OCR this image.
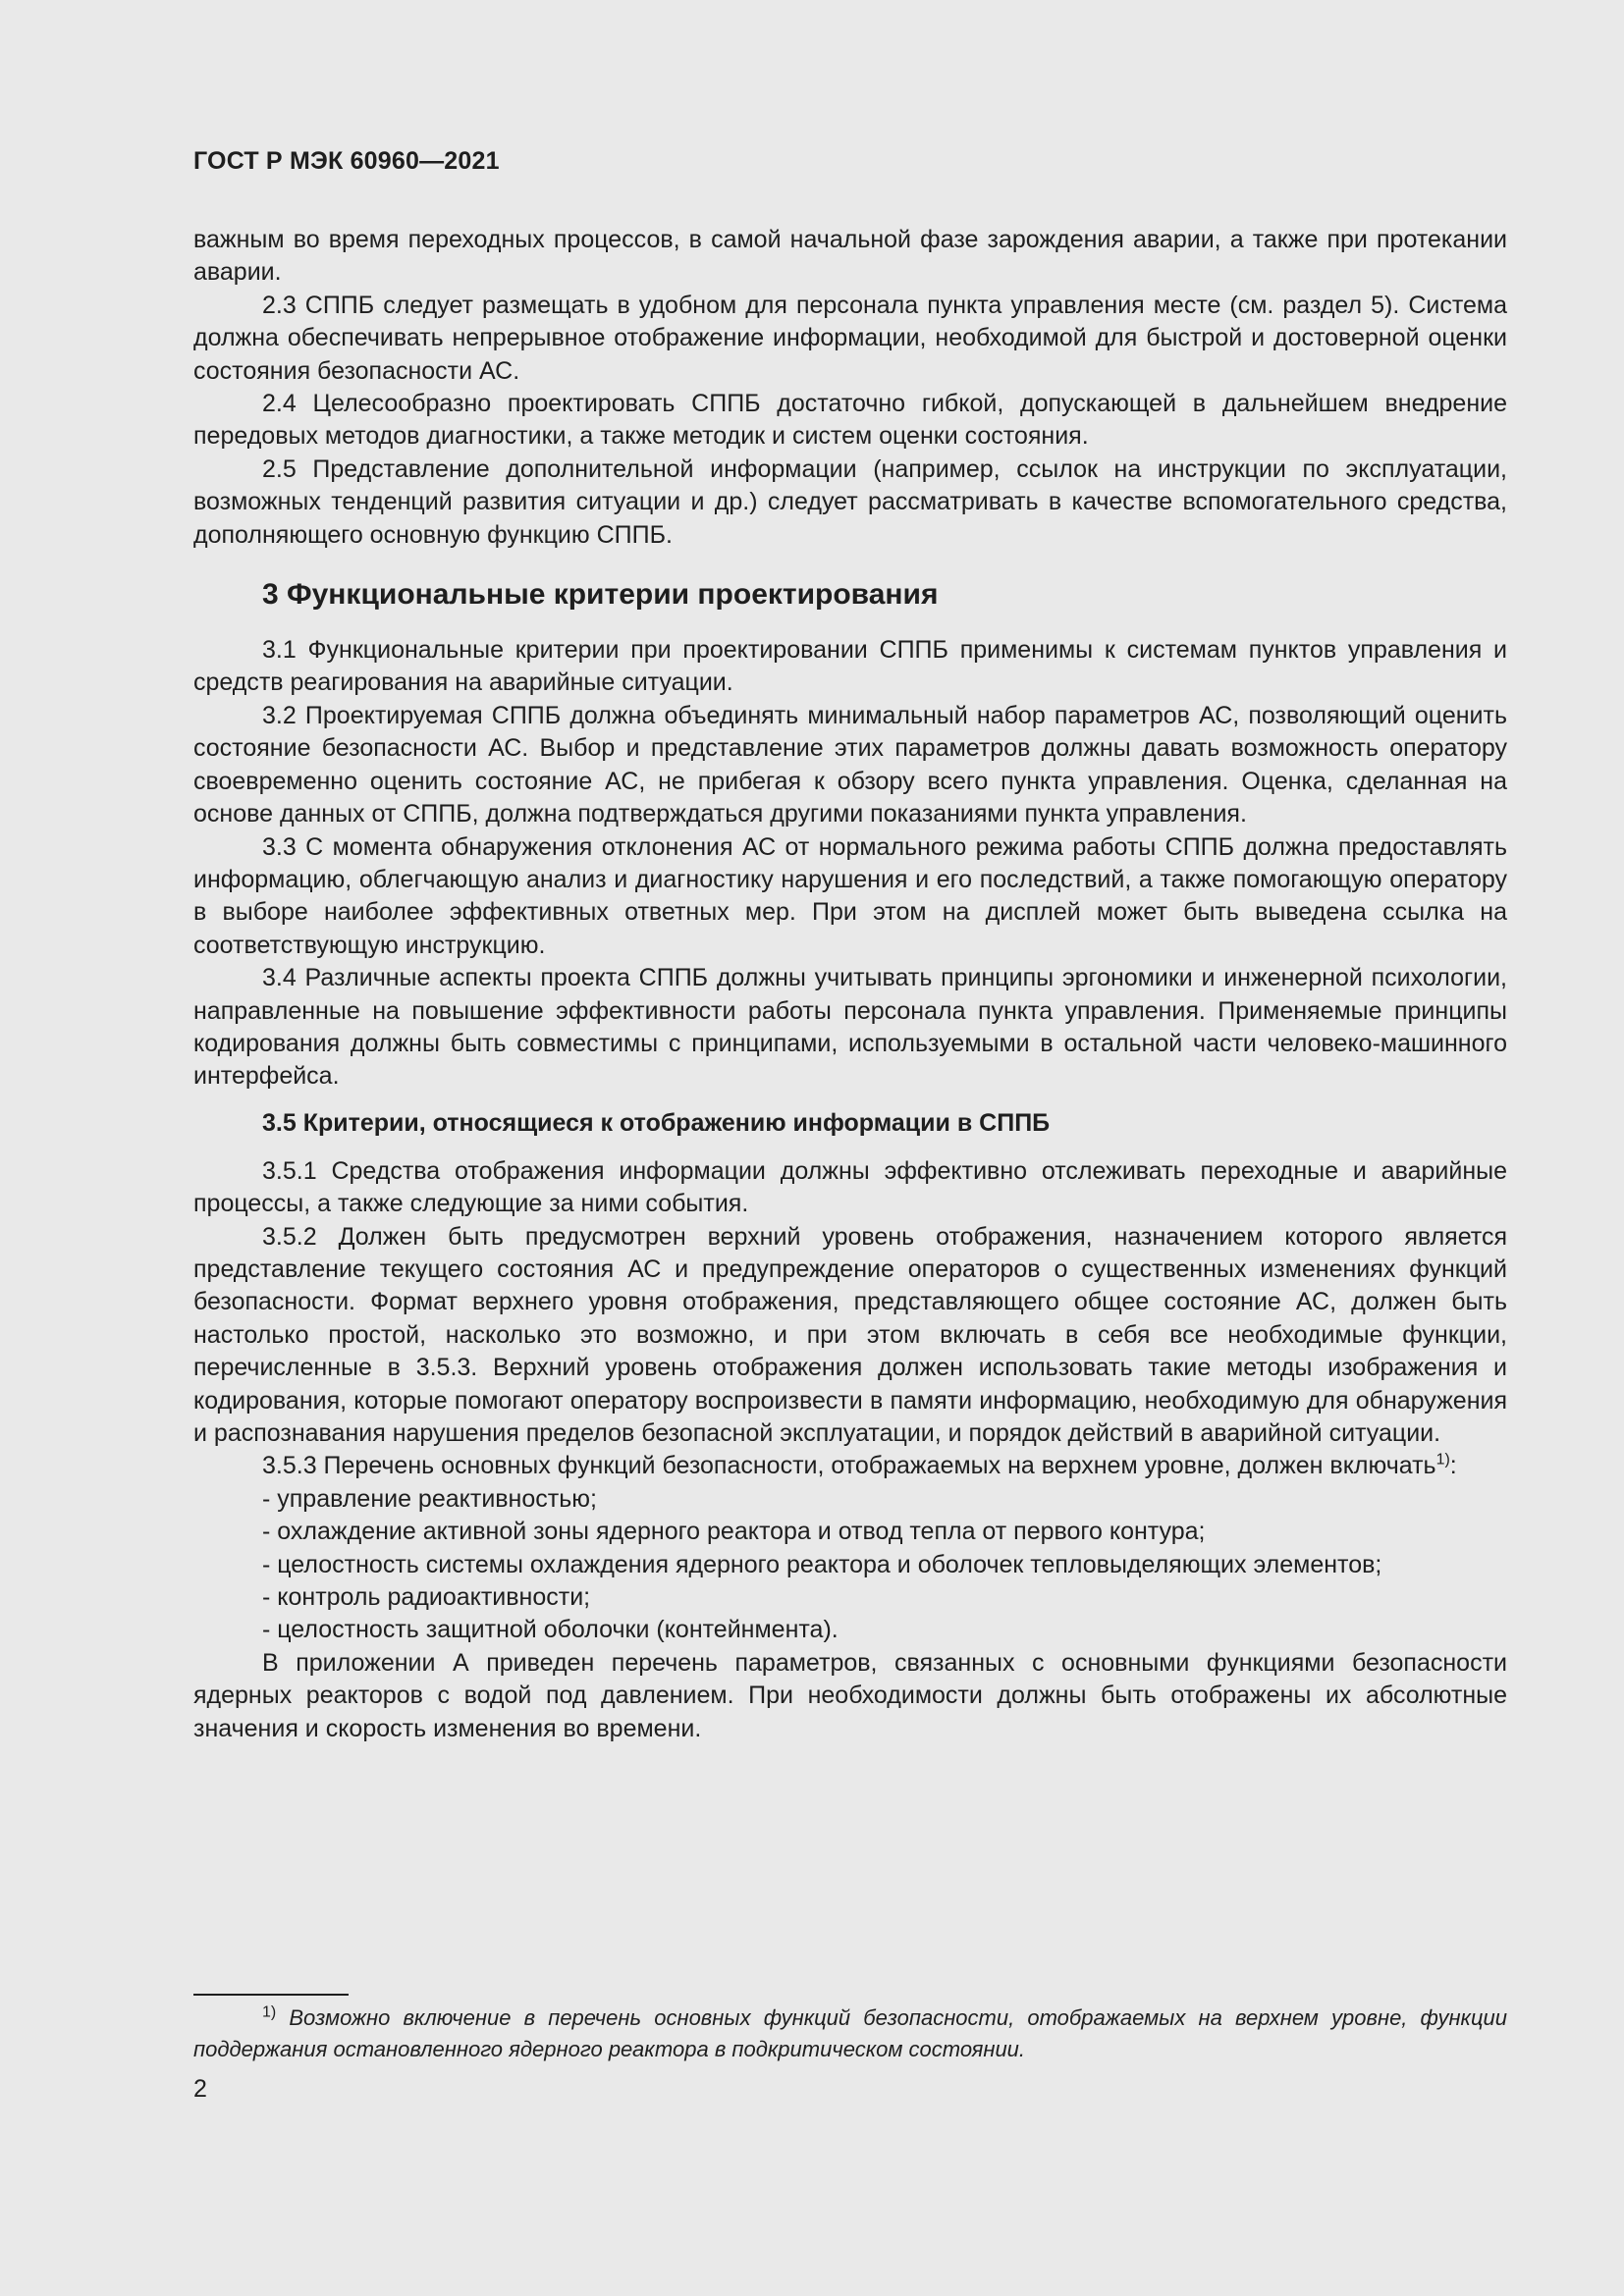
ГОСТ Р МЭК 60960—2021

важным во время переходных процессов, в самой начальной фазе зарождения аварии, а также при протекании аварии.

2.3 СППБ следует размещать в удобном для персонала пункта управления месте (см. раздел 5). Система должна обеспечивать непрерывное отображение информации, необходимой для быстрой и достоверной оценки состояния безопасности АС.

2.4 Целесообразно проектировать СППБ достаточно гибкой, допускающей в дальнейшем внедрение передовых методов диагностики, а также методик и систем оценки состояния.

2.5 Представление дополнительной информации (например, ссылок на инструкции по эксплуатации, возможных тенденций развития ситуации и др.) следует рассматривать в качестве вспомогательного средства, дополняющего основную функцию СППБ.

3 Функциональные критерии проектирования

3.1 Функциональные критерии при проектировании СППБ применимы к системам пунктов управления и средств реагирования на аварийные ситуации.

3.2 Проектируемая СППБ должна объединять минимальный набор параметров АС, позволяющий оценить состояние безопасности АС. Выбор и представление этих параметров должны давать возможность оператору своевременно оценить состояние АС, не прибегая к обзору всего пункта управления. Оценка, сделанная на основе данных от СППБ, должна подтверждаться другими показаниями пункта управления.

3.3 С момента обнаружения отклонения АС от нормального режима работы СППБ должна предоставлять информацию, облегчающую анализ и диагностику нарушения и его последствий, а также помогающую оператору в выборе наиболее эффективных ответных мер. При этом на дисплей может быть выведена ссылка на соответствующую инструкцию.

3.4 Различные аспекты проекта СППБ должны учитывать принципы эргономики и инженерной психологии, направленные на повышение эффективности работы персонала пункта управления. Применяемые принципы кодирования должны быть совместимы с принципами, используемыми в остальной части человеко-машинного интерфейса.

3.5 Критерии, относящиеся к отображению информации в СППБ

3.5.1 Средства отображения информации должны эффективно отслеживать переходные и аварийные процессы, а также следующие за ними события.

3.5.2 Должен быть предусмотрен верхний уровень отображения, назначением которого является представление текущего состояния АС и предупреждение операторов о существенных изменениях функций безопасности. Формат верхнего уровня отображения, представляющего общее состояние АС, должен быть настолько простой, насколько это возможно, и при этом включать в себя все необходимые функции, перечисленные в 3.5.3. Верхний уровень отображения должен использовать такие методы изображения и кодирования, которые помогают оператору воспроизвести в памяти информацию, необходимую для обнаружения и распознавания нарушения пределов безопасной эксплуатации, и порядок действий в аварийной ситуации.

3.5.3 Перечень основных функций безопасности, отображаемых на верхнем уровне, должен включать$^{1)}$:

- управление реактивностью;

- охлаждение активной зоны ядерного реактора и отвод тепла от первого контура;

- целостность системы охлаждения ядерного реактора и оболочек тепловыделяющих элементов;

- контроль радиоактивности;

- целостность защитной оболочки (контейнмента).

В приложении А приведен перечень параметров, связанных с основными функциями безопасности ядерных реакторов с водой под давлением. При необходимости должны быть отображены их абсолютные значения и скорость изменения во времени.

$^{1)}$ Возможно включение в перечень основных функций безопасности, отображаемых на верхнем уровне, функции поддержания остановленного ядерного реактора в подкритическом состоянии.
2
